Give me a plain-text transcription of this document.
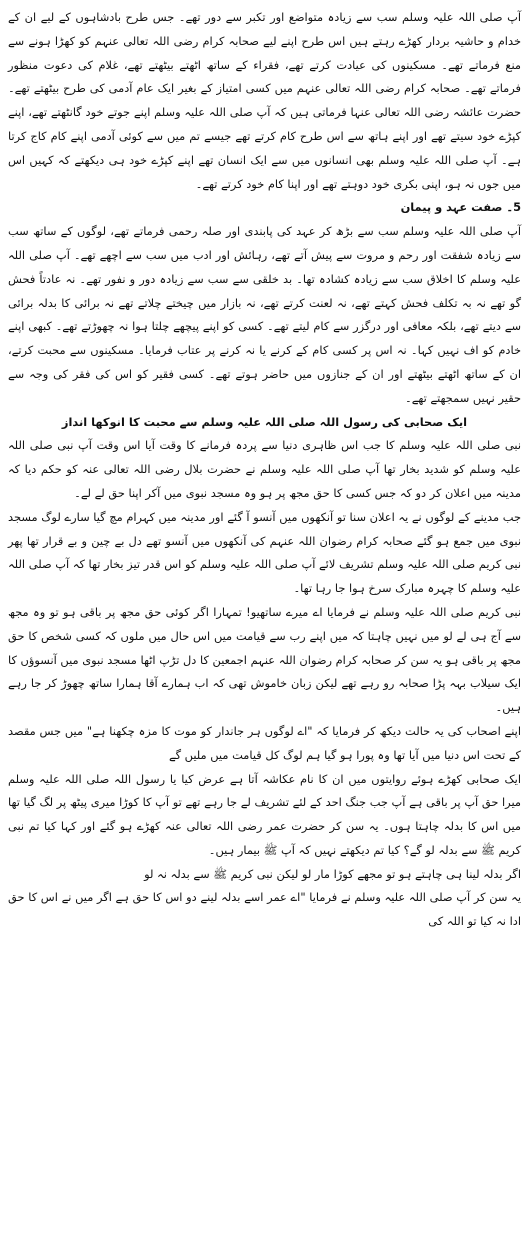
آپ صلی اللہ علیہ وسلم سب سے زیادہ متواضع اور تکبر سے دور تھے۔ جس طرح بادشاہوں کے لیے ان کے خدام و حاشیہ بردار کھڑے رہتے ہیں اس طرح اپنے لیے صحابہ کرام رضی اللہ تعالی عنہم کو کھڑا ہونے سے منع فرماتے تھے۔ مسکینوں کی عیادت کرتے تھے، فقراء کے ساتھ اٹھتے بیٹھتے تھے، غلام کی دعوت منظور فرماتے تھے۔ صحابہ کرام رضی اللہ تعالی عنہم میں کسی امتیاز کے بغیر ایک عام آدمی کی طرح بیٹھتے تھے۔ حضرت عائشہ رضی اللہ تعالی عنہا فرماتی ہیں کہ آپ صلی اللہ علیہ وسلم اپنے جوتے خود گانٹھتے تھے، اپنے کپڑے خود سیتے تھے اور اپنے ہاتھ سے اس طرح کام کرتے تھے جیسے تم میں سے کوئی آدمی اپنے کام کاج کرتا ہے۔ آپ صلی اللہ علیہ وسلم بھی انسانوں میں سے ایک انسان تھے اپنے کپڑے خود ہی دیکھتے کہ کہیں اس میں جوں نہ ہو، اپنی بکری خود دوہتے تھے اور اپنا کام خود کرتے تھے۔

5۔ صفت عہد و پیمان

آپ صلی اللہ علیہ وسلم سب سے بڑھ کر عہد کی پابندی اور صلہ رحمی فرماتے تھے، لوگوں کے ساتھ سب سے زیادہ شفقت اور رحم و مروت سے پیش آتے تھے، رہائش اور ادب میں سب سے اچھے تھے۔ آپ صلی اللہ علیہ وسلم کا اخلاق سب سے زیادہ کشادہ تھا۔ بد خلقی سے سب سے زیادہ دور و نفور تھے۔ نہ عادتاً فحش گو تھے نہ بہ تکلف فحش کہتے تھے، نہ لعنت کرتے تھے، نہ بازار میں چیختے چلاتے تھے نہ برائی کا بدلہ برائی سے دیتے تھے، بلکہ معافی اور درگزر سے کام لیتے تھے۔ کسی کو اپنے پیچھے چلتا ہوا نہ چھوڑتے تھے۔ کبھی اپنے خادم کو اف نہیں کہا۔ نہ اس پر کسی کام کے کرنے یا نہ کرنے پر عتاب فرمایا۔ مسکینوں سے محبت کرتے، ان کے ساتھ اٹھتے بیٹھتے اور ان کے جنازوں میں حاضر ہوتے تھے۔ کسی فقیر کو اس کی فقر کی وجہ سے حقیر نہیں سمجھتے تھے۔

ایک صحابی کی رسول اللہ صلی اللہ علیہ وسلم سے محبت کا انوکھا انداز

نبی صلی اللہ علیہ وسلم کا جب اس ظاہری دنیا سے پردہ فرمانے کا وقت آیا اس وقت آپ نبی صلی اللہ علیہ وسلم کو شدید بخار تھا آپ صلی اللہ علیہ وسلم نے حضرت بلال رضی اللہ تعالی عنہ کو حکم دیا کہ مدینہ میں اعلان کر دو کہ جس کسی کا حق مجھ پر ہو وہ مسجد نبوی میں آکر اپنا حق لے لے۔

جب مدینے کے لوگوں نے یہ اعلان سنا تو آنکھوں میں آنسو آ گئے اور مدینہ میں کہرام مچ گیا سارے لوگ مسجد نبوی میں جمع ہو گئے صحابہ کرام رضوان اللہ عنہم کی آنکھوں میں آنسو تھے دل بے چین و بے قرار تھا پھر نبی کریم صلی اللہ علیہ وسلم تشریف لائے آپ صلی اللہ علیہ وسلم کو اس قدر تیز بخار تھا کہ آپ صلی اللہ علیہ وسلم کا چہرہ مبارک سرخ ہوا جا رہا تھا۔

نبی کریم صلی اللہ علیہ وسلم نے فرمایا اے میرے ساتھیو! تمہارا اگر کوئی حق مجھ پر باقی ہو تو وہ مجھ سے آج ہی لے لو میں نہیں چاہتا کہ میں اپنے رب سے قیامت میں اس حال میں ملوں کہ کسی شخص کا حق مجھ پر باقی ہو یہ سن کر صحابہ کرام رضوان اللہ عنہم اجمعین کا دل تڑپ اٹھا مسجد نبوی میں آنسوؤں کا ایک سیلاب بہہ پڑا صحابہ رو رہے تھے لیکن زبان خاموش تھی کہ اب ہمارے آقا ہمارا ساتھ چھوڑ کر جا رہے ہیں۔

اپنے اصحاب کی یہ حالت دیکھ کر فرمایا کہ "اے لوگوں ہر جاندار کو موت کا مزہ چکھنا ہے" میں جس مقصد کے تحت اس دنیا میں آیا تھا وہ پورا ہو گیا ہم لوگ کل قیامت میں ملیں گے

ایک صحابی کھڑے ہوئے روایتوں میں ان کا نام عکاشہ آتا ہے عرض کیا یا رسول اللہ صلی اللہ علیہ وسلم میرا حق آپ پر باقی ہے آپ جب جنگ احد کے لئے تشریف لے جا رہے تھے تو آپ کا کوڑا میری پیٹھ پر لگ گیا تھا میں اس کا بدلہ چاہتا ہوں۔ یہ سن کر حضرت عمر رضی اللہ تعالی عنہ کھڑے ہو گئے اور کہا کیا تم نبی کریم ﷺ سے بدلہ لو گے؟ کیا تم دیکھتے نہیں کہ آپ ﷺ بیمار ہیں۔

اگر بدلہ لینا ہی چاہتے ہو تو مجھے کوڑا مار لو لیکن نبی کریم ﷺ سے بدلہ نہ لو

یہ سن کر آپ صلی اللہ علیہ وسلم نے فرمایا "اے عمر اسے بدلہ لینے دو اس کا حق ہے اگر میں نے اس کا حق ادا نہ کیا تو اللہ کی
